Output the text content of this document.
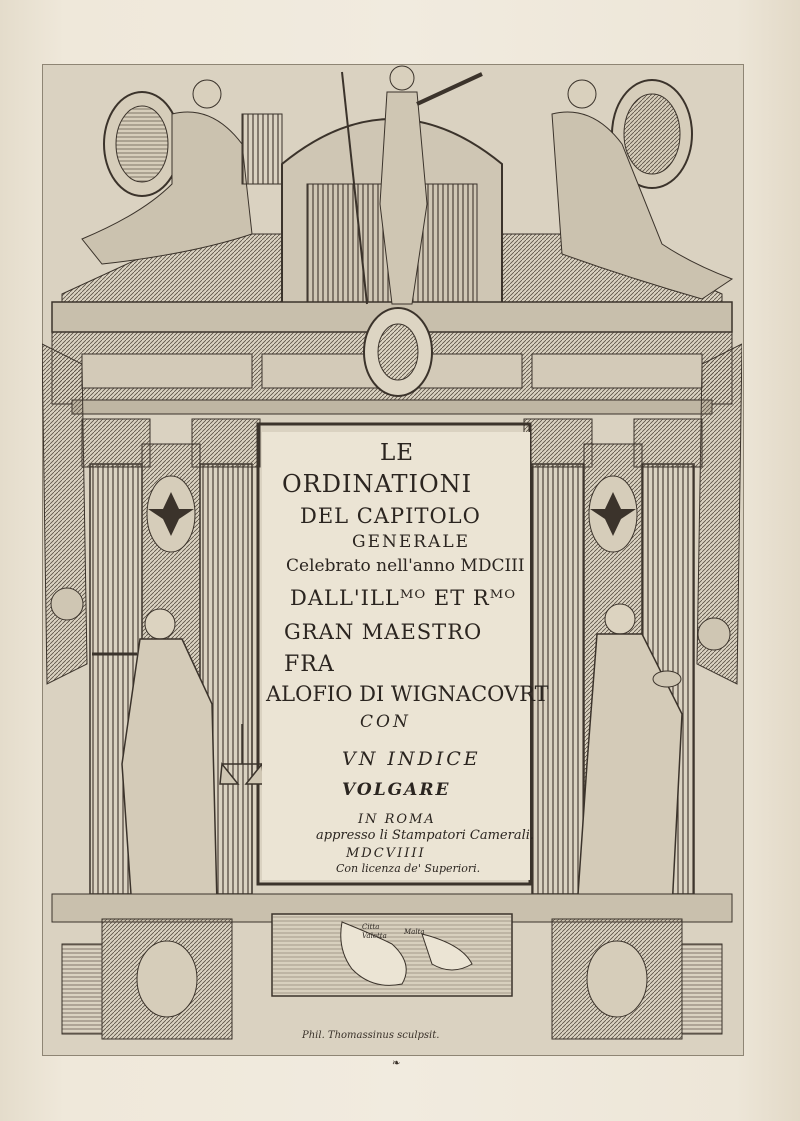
LE
ORDINATIONI
DEL CAPITOLO
GENERALE
Celebrato nell'anno MDCIII
DALL'ILLᴹᴼ ET Rᴹᴼ
GRAN MAESTRO
FRA
ALOFIO DI WIGNACOVRT
CON
VN INDICE
VOLGARE
IN ROMA
appresso li Stampatori Camerali.
MDCVIIII
Con licenza de' Superiori.
Citta
Valetta Malta
Phil. Thomassinus sculpsit.
❧
